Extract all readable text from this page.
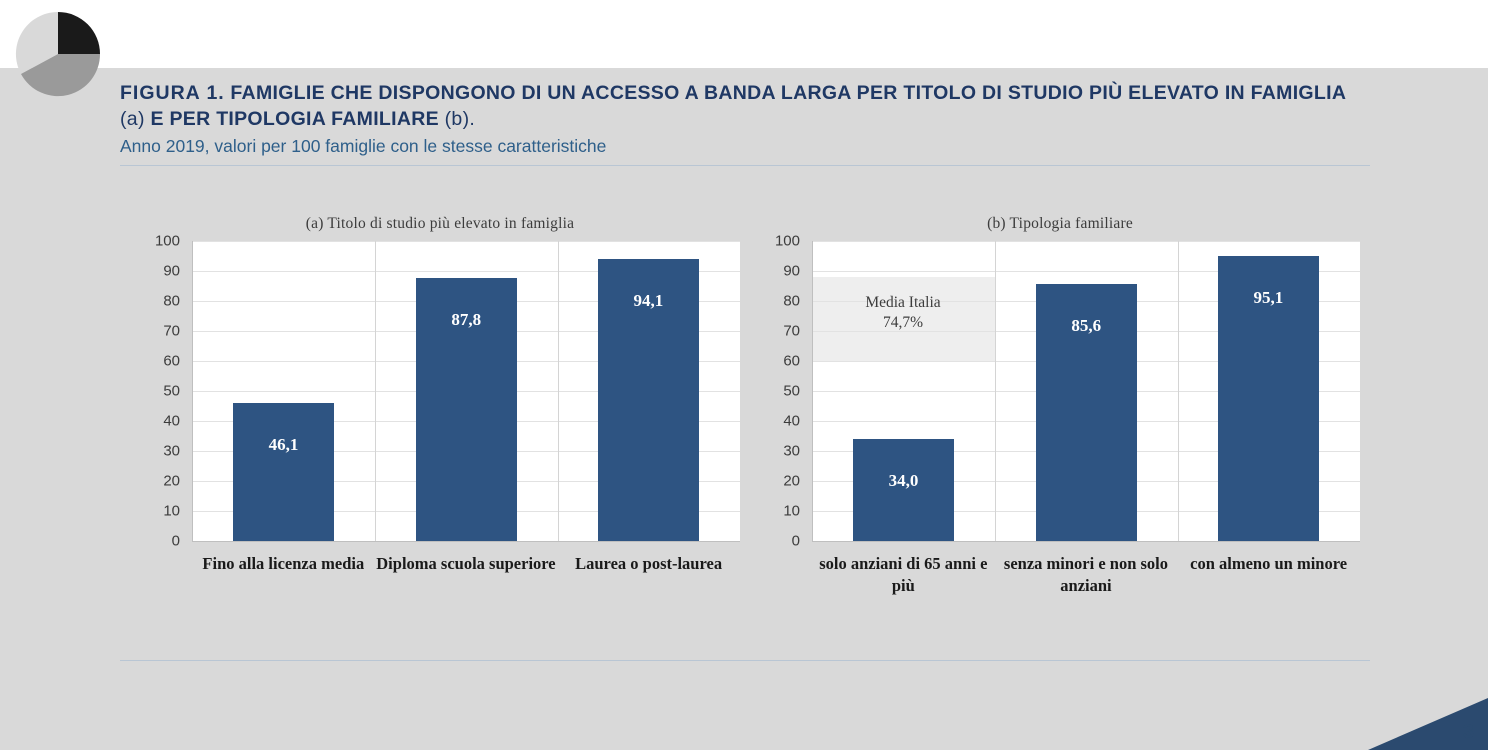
FIGURA 1. FAMIGLIE CHE DISPONGONO DI UN ACCESSO A BANDA LARGA PER TITOLO DI STUDIO PIÙ ELEVATO IN FAMIGLIA (a) E PER TIPOLOGIA FAMILIARE (b).
Anno 2019, valori per 100 famiglie con le stesse caratteristiche
(a) Titolo di studio più elevato in famiglia
100
90
80
70
60
50
40
30
20
10
0
46,1
87,8
94,1
Fino alla licenza media Diploma scuola superiore	Laurea o post-laurea
(b) Tipologia familiare
100
90
80
70
60
50
40
30
20
10
0
Media Italia
74,7%
34,0
85,6
95,1
solo anziani di 65 anni e più
senza minori e non solo anziani
con almeno un minore
3
